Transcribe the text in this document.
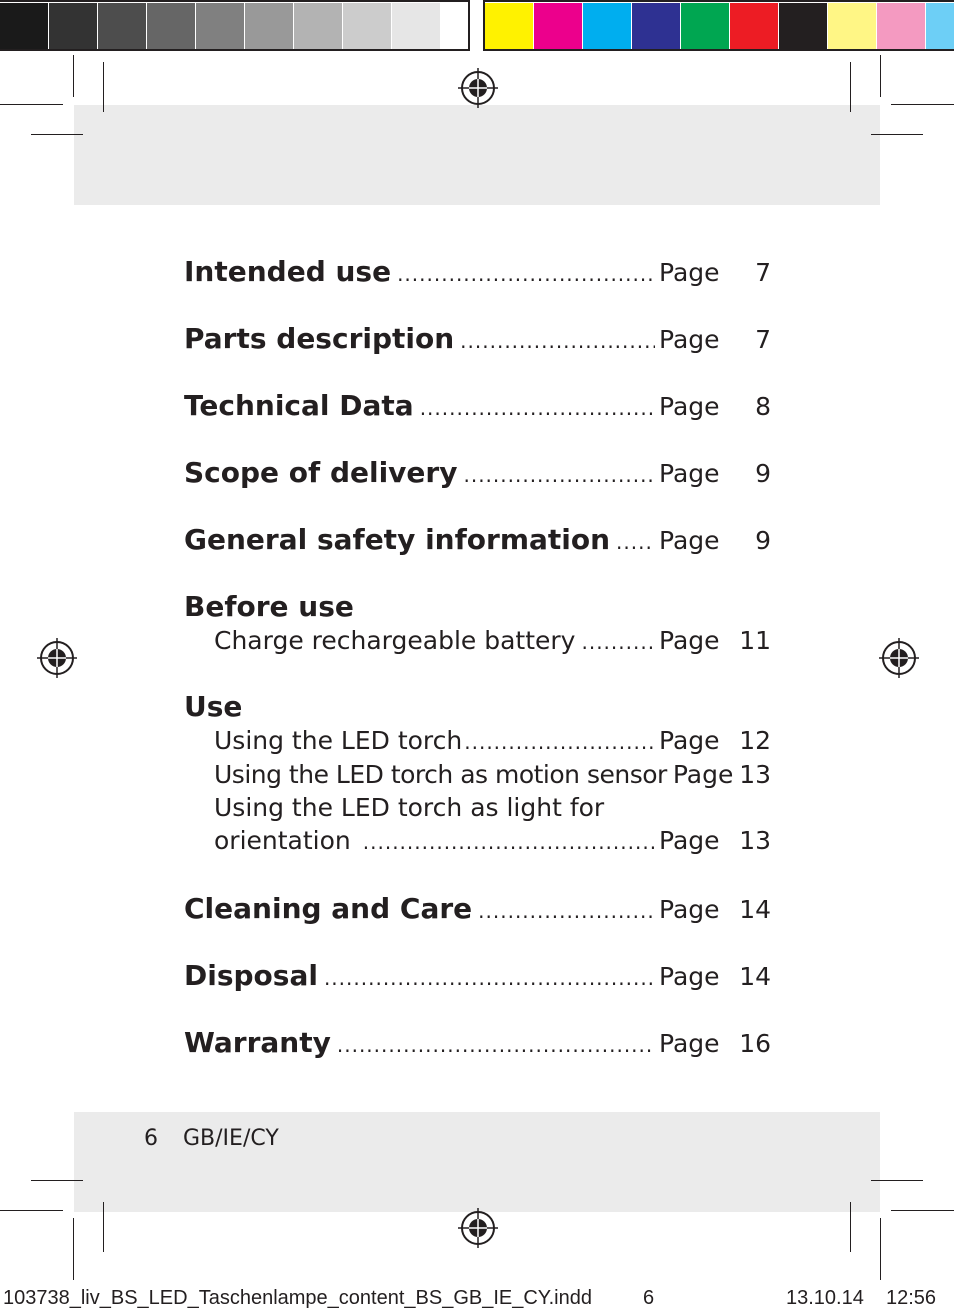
Intended use .....	Page	7
Parts description .....	Page	7
Technical Data .....	Page	8
Scope of delivery .....	Page	9
General safety information ..... Page	9
Before use
Charge rechargeable battery .....	Page 11
Use
Using the LED torch .....	Page 12
Using the LED torch as motion sensor Page 13
Using the LED torch as light for
orientation .....	Page 13
Cleaning and Care .....	Page 14
Disposal .....	Page 14
Warranty .....	Page 16
6 GB/IE/CY
103738_liv_BS_LED_Taschenlampe_content_BS_GB_IE_CY.indd	6	13.10.14 12:56
